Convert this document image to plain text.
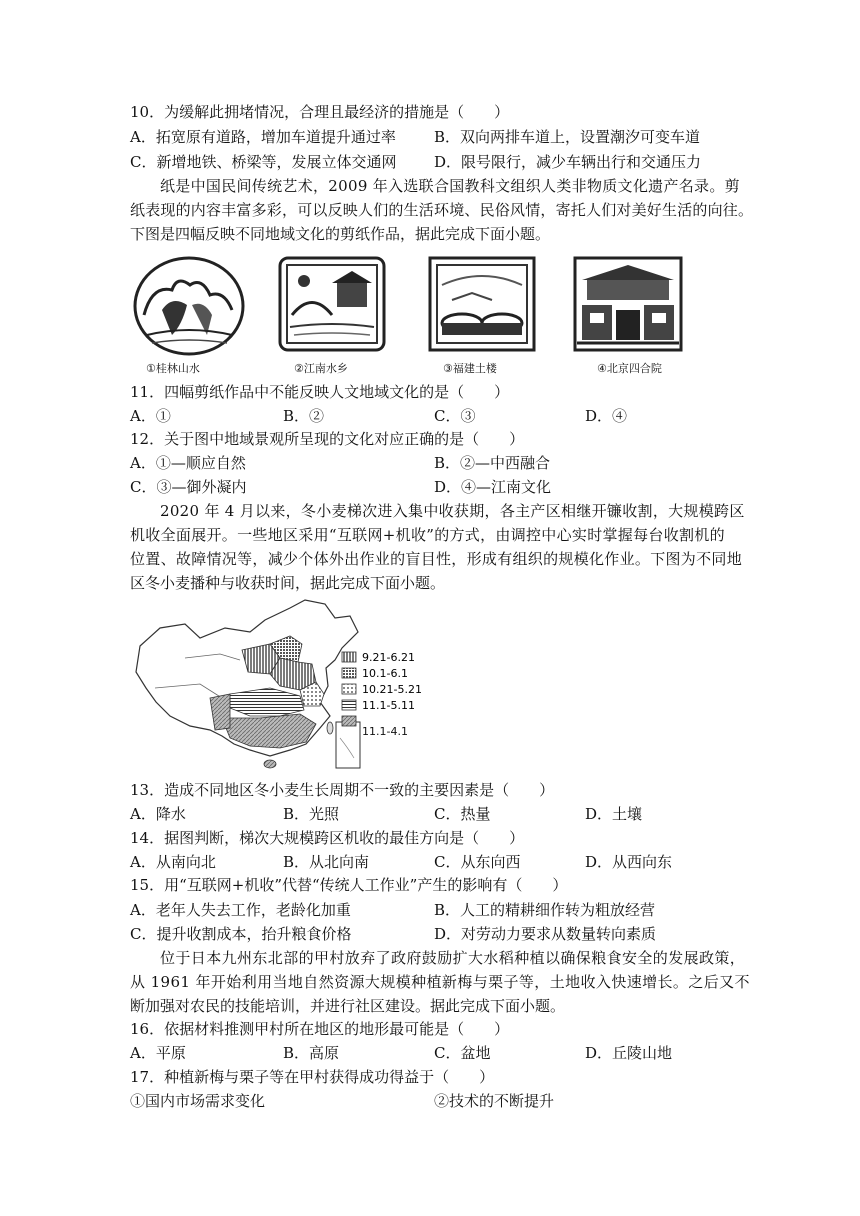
10．为缓解此拥堵情况，合理且最经济的措施是（　　）
A．拓宽原有道路，增加车道提升通过率	B．双向两排车道上，设置潮汐可变车道
C．新增地铁、桥梁等，发展立体交通网	D．限号限行，减少车辆出行和交通压力
纸是中国民间传统艺术，2009 年入选联合国教科文组织人类非物质文化遗产名录。剪
纸表现的内容丰富多彩，可以反映人们的生活环境、民俗风情，寄托人们对美好生活的向往。
下图是四幅反映不同地域文化的剪纸作品，据此完成下面小题。
①桂林山水	②江南水乡	③福建土楼	④北京四合院
11．四幅剪纸作品中不能反映人文地域文化的是（　　）
A．①	B．②	C．③	D．④
12．关于图中地域景观所呈现的文化对应正确的是（　　）
A．①—顺应自然	B．②—中西融合
C．③—御外凝内	D．④—江南文化
2020 年 4 月以来，冬小麦梯次进入集中收获期，各主产区相继开镰收割，大规模跨区
机收全面展开。一些地区采用“互联网+机收”的方式，由调控中心实时掌握每台收割机的
位置、故障情况等，减少个体外出作业的盲目性，形成有组织的规模化作业。下图为不同地
区冬小麦播种与收获时间，据此完成下面小题。
9.21-6.21
10.1-6.1
10.21-5.21
11.1-5.11
11.1-4.1
13．造成不同地区冬小麦生长周期不一致的主要因素是（　　）
A．降水	B．光照	C．热量	D．土壤
14．据图判断，梯次大规模跨区机收的最佳方向是（　　）
A．从南向北	B．从北向南	C．从东向西	D．从西向东
15．用“互联网+机收”代替“传统人工作业”产生的影响有（　　）
A．老年人失去工作，老龄化加重	B．人工的精耕细作转为粗放经营
C．提升收割成本，抬升粮食价格	D．对劳动力要求从数量转向素质
位于日本九州东北部的甲村放弃了政府鼓励扩大水稻种植以确保粮食安全的发展政策，
从 1961 年开始利用当地自然资源大规模种植新梅与栗子等，土地收入快速增长。之后又不
断加强对农民的技能培训，并进行社区建设。据此完成下面小题。
16．依据材料推测甲村所在地区的地形最可能是（　　）
A．平原	B．高原	C．盆地	D．丘陵山地
17．种植新梅与栗子等在甲村获得成功得益于（　　）
①国内市场需求变化	②技术的不断提升
